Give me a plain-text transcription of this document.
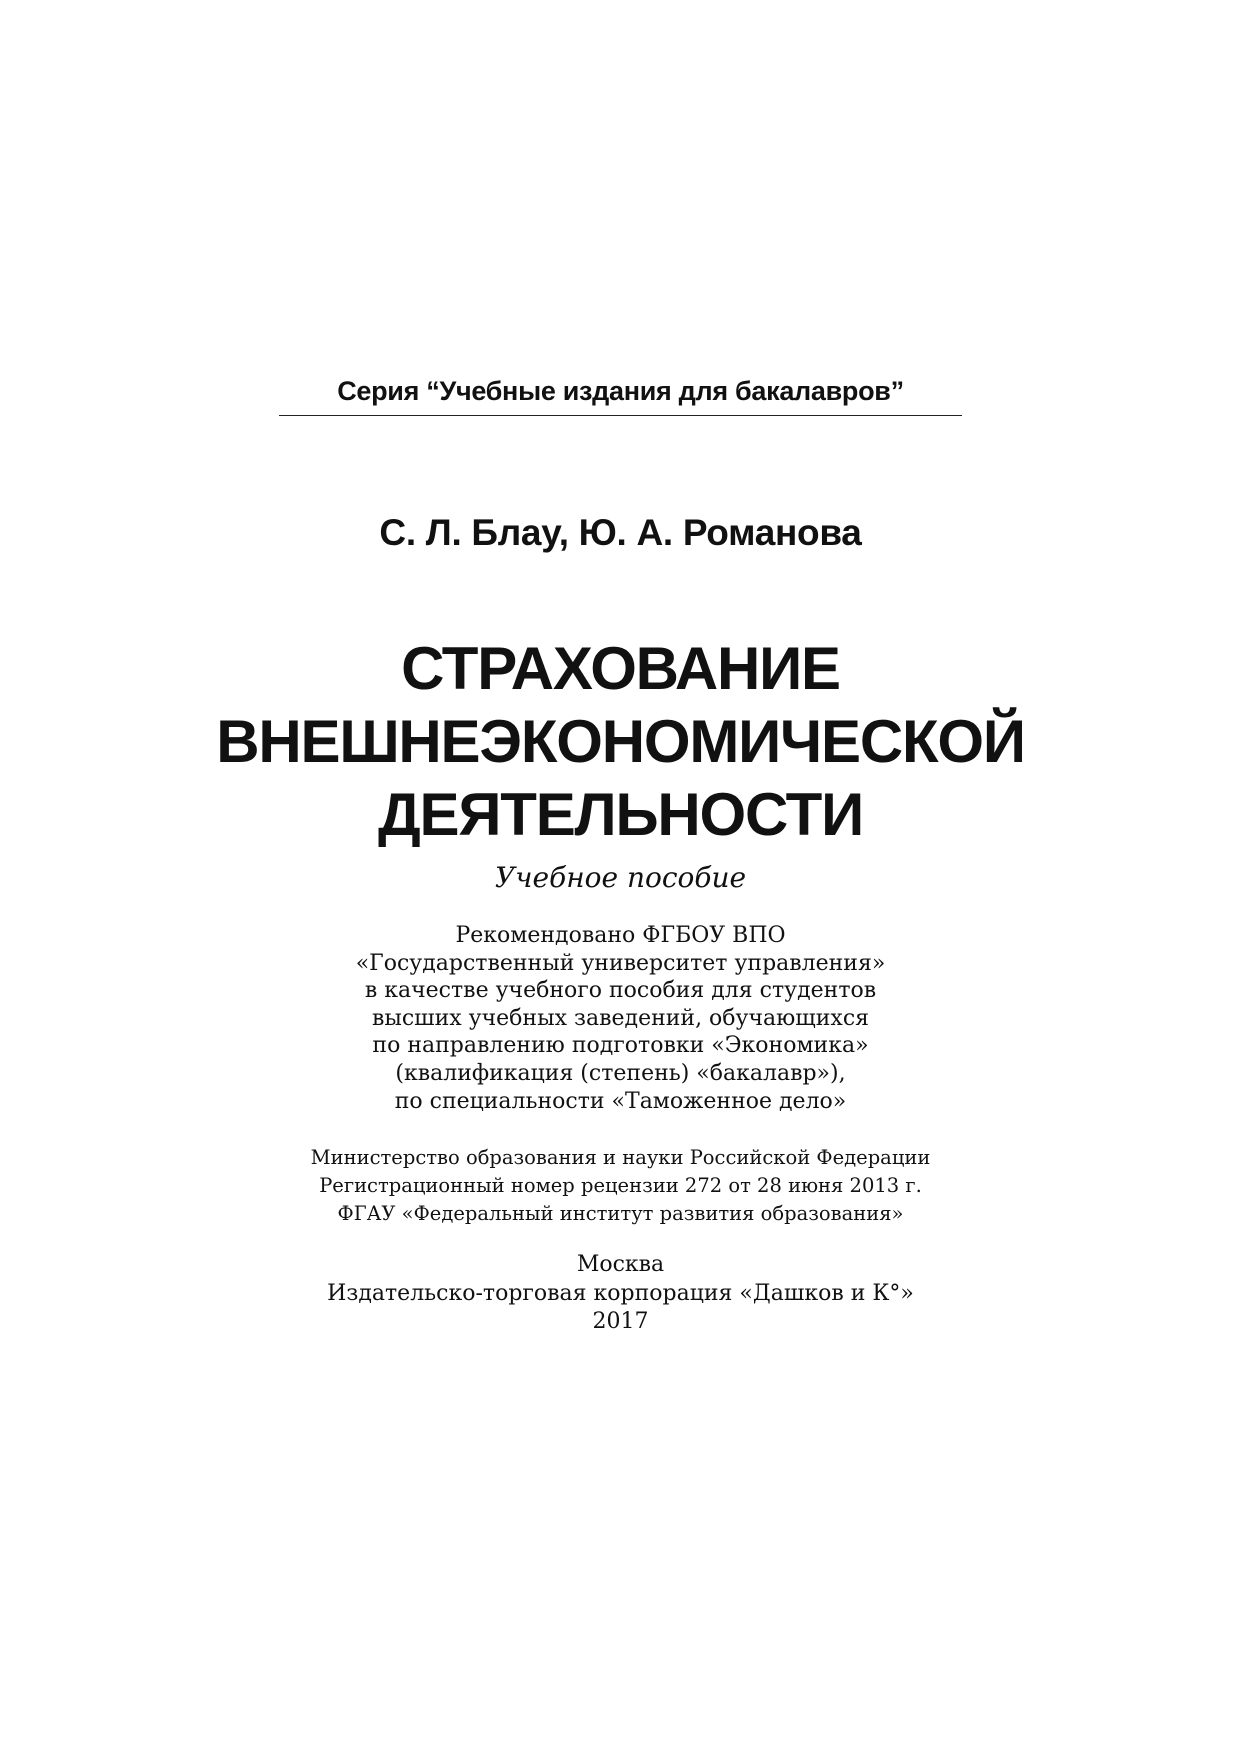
Серия “Учебные издания для бакалавров”
С. Л. Блау, Ю. А. Романова
СТРАХОВАНИЕ
ВНЕШНЕЭКОНОМИЧЕСКОЙ
ДЕЯТЕЛЬНОСТИ
Учебное пособие
Рекомендовано ФГБОУ ВПО
«Государственный университет управления»
в качестве учебного пособия для студентов
высших учебных заведений, обучающихся
по направлению подготовки «Экономика»
(квалификация (степень) «бакалавр»),
по специальности «Таможенное дело»
Министерство образования и науки Российской Федерации
Регистрационный номер рецензии 272 от 28 июня 2013 г.
ФГАУ «Федеральный институт развития образования»
Москва
Издательско-торговая корпорация «Дашков и К°»
2017
